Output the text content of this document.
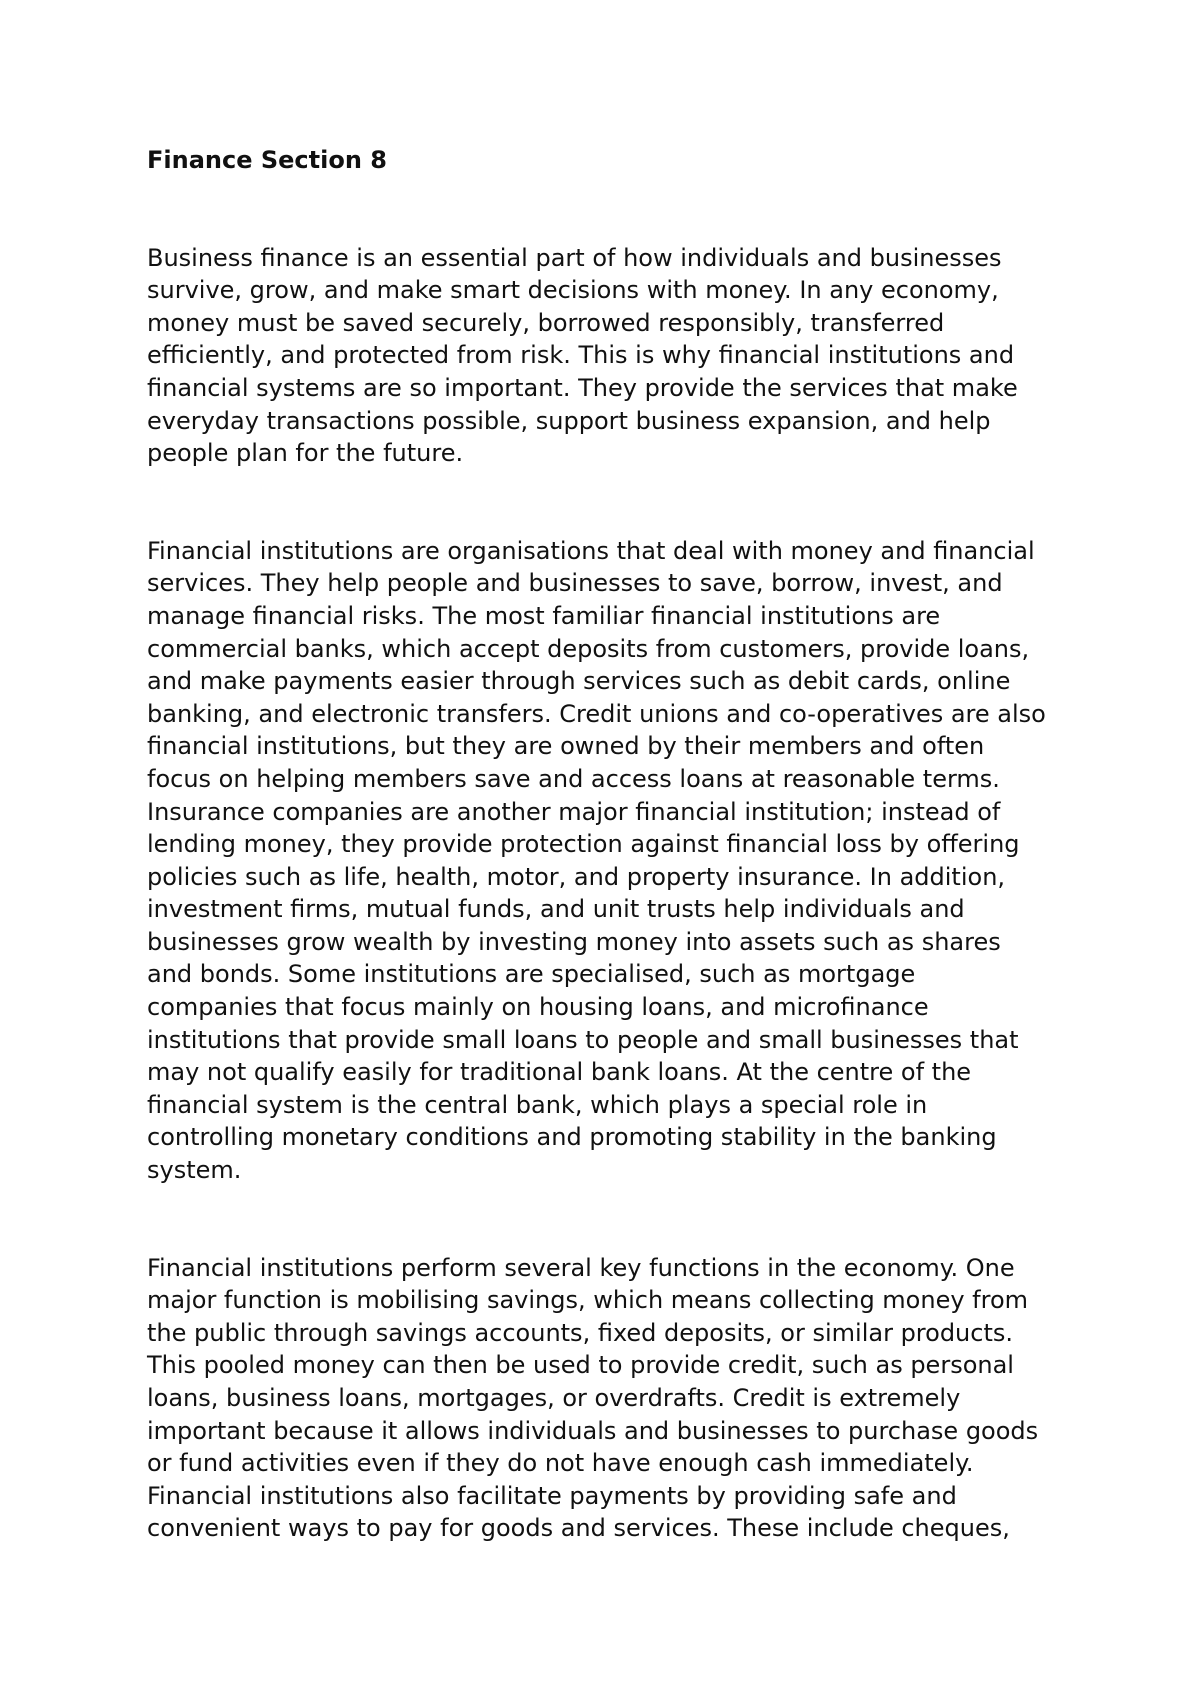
Finance Section 8

Business finance is an essential part of how individuals and businesses
survive, grow, and make smart decisions with money. In any economy,
money must be saved securely, borrowed responsibly, transferred
efficiently, and protected from risk. This is why financial institutions and
financial systems are so important. They provide the services that make
everyday transactions possible, support business expansion, and help
people plan for the future.

Financial institutions are organisations that deal with money and financial
services. They help people and businesses to save, borrow, invest, and
manage financial risks. The most familiar financial institutions are
commercial banks, which accept deposits from customers, provide loans,
and make payments easier through services such as debit cards, online
banking, and electronic transfers. Credit unions and co-operatives are also
financial institutions, but they are owned by their members and often
focus on helping members save and access loans at reasonable terms.
Insurance companies are another major financial institution; instead of
lending money, they provide protection against financial loss by offering
policies such as life, health, motor, and property insurance. In addition,
investment firms, mutual funds, and unit trusts help individuals and
businesses grow wealth by investing money into assets such as shares
and bonds. Some institutions are specialised, such as mortgage
companies that focus mainly on housing loans, and microfinance
institutions that provide small loans to people and small businesses that
may not qualify easily for traditional bank loans. At the centre of the
financial system is the central bank, which plays a special role in
controlling monetary conditions and promoting stability in the banking
system.

Financial institutions perform several key functions in the economy. One
major function is mobilising savings, which means collecting money from
the public through savings accounts, fixed deposits, or similar products.
This pooled money can then be used to provide credit, such as personal
loans, business loans, mortgages, or overdrafts. Credit is extremely
important because it allows individuals and businesses to purchase goods
or fund activities even if they do not have enough cash immediately.
Financial institutions also facilitate payments by providing safe and
convenient ways to pay for goods and services. These include cheques,
